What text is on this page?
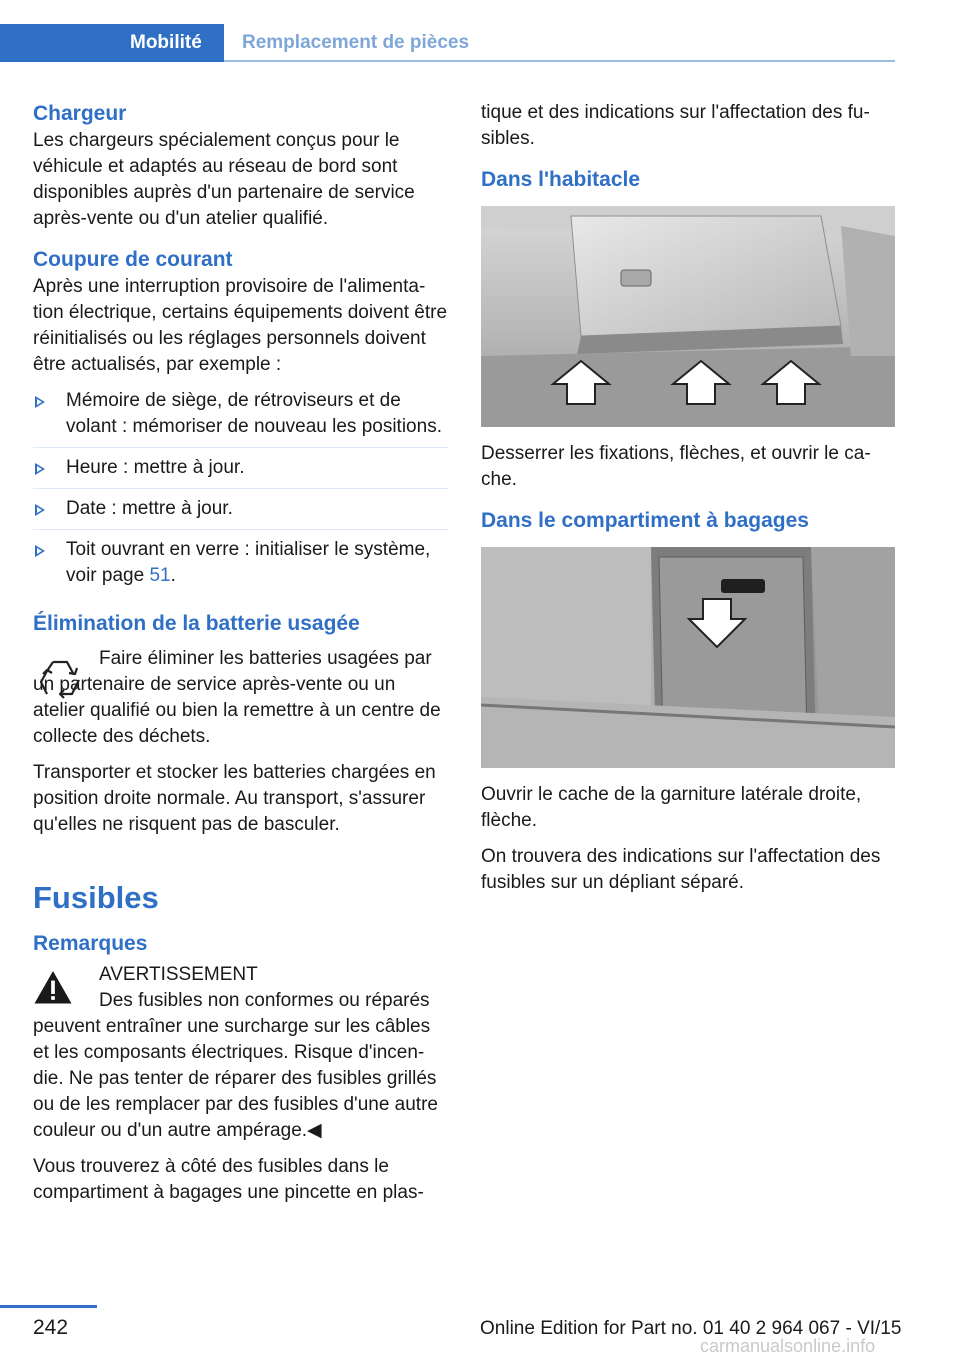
Mobilité	Remplacement de pièces
Chargeur

Les chargeurs spécialement conçus pour le véhicule et adaptés au réseau de bord sont disponibles auprès d'un partenaire de service après-vente ou d'un atelier qualifié.

Coupure de courant

Après une interruption provisoire de l'alimentation électrique, certains équipements doivent être réinitialisés ou les réglages personnels doivent être actualisés, par exemple :

Mémoire de siège, de rétroviseurs et de volant : mémoriser de nouveau les positions.
Heure : mettre à jour.
Date : mettre à jour.
Toit ouvrant en verre : initialiser le système, voir page 51.
Élimination de la batterie usagée

Faire éliminer les batteries usagées par un partenaire de service après-vente ou un atelier qualifié ou bien la remettre à un centre de collecte des déchets.

Transporter et stocker les batteries chargées en position droite normale. Au transport, s'assurer qu'elles ne risquent pas de basculer.

Fusibles
Remarques

AVERTISSEMENT

Des fusibles non conformes ou réparés peuvent entraîner une surcharge sur les câbles et les composants électriques. Risque d'incendie. Ne pas tenter de réparer des fusibles grillés ou de les remplacer par des fusibles d'une autre couleur ou d'un autre ampérage.◀

Vous trouverez à côté des fusibles dans le compartiment à bagages une pincette en plas-

tique et des indications sur l'affectation des fusibles.

Dans l'habitacle

Desserrer les fixations, flèches, et ouvrir le cache.

Dans le compartiment à bagages

Ouvrir le cache de la garniture latérale droite, flèche.

On trouvera des indications sur l'affectation des fusibles sur un dépliant séparé.

242	Online Edition for Part no. 01 40 2 964 067 - VI/15
carmanualsonline.info
